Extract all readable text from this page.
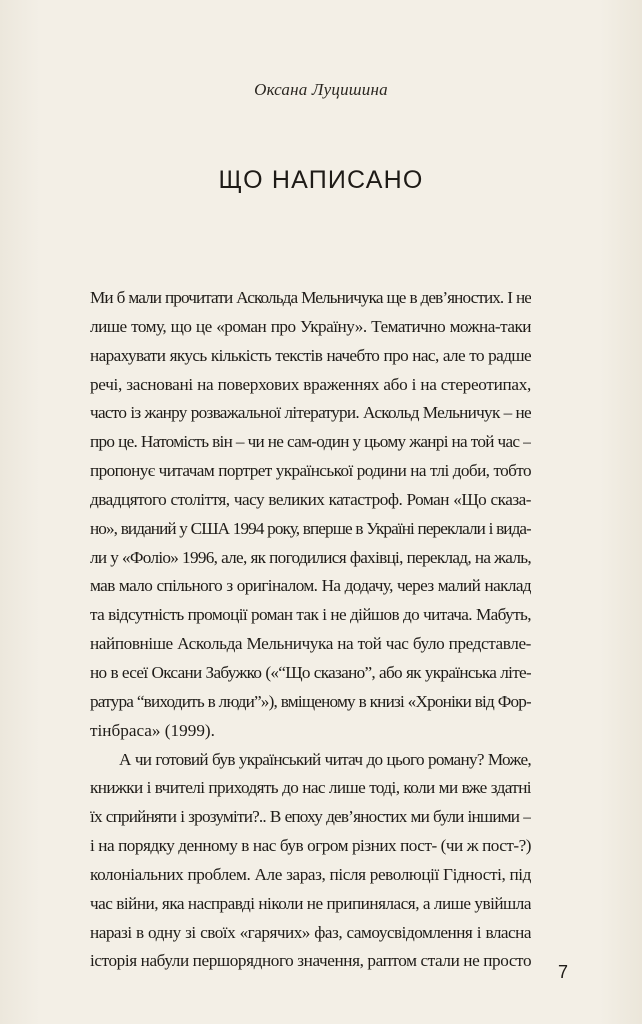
Оксана Луцишина
ЩО НАПИСАНО
Ми б мали прочитати Аскольда Мельничука ще в дев’яностих. І не
лише тому, що це «роман про Україну». Тематично можна-таки
нарахувати якусь кількість текстів начебто про нас, але то радше
речі, засновані на поверхових враженнях або і на стереотипах,
часто із жанру розважальної літератури. Аскольд Мельничук – не
про це. Натомість він – чи не сам-один у цьому жанрі на той час –
пропонує читачам портрет української родини на тлі доби, тобто
двадцятого століття, часу великих катастроф. Роман «Що сказа-
но», виданий у США 1994 року, вперше в Україні переклали і вида-
ли у «Фоліо» 1996, але, як погодилися фахівці, переклад, на жаль,
мав мало спільного з оригіналом. На додачу, через малий наклад
та відсутність промоції роман так і не дійшов до читача. Мабуть,
найповніше Аскольда Мельничука на той час було представле-
но в есеї Оксани Забужко («“Що сказано”, або як українська літе-
ратура “виходить в люди”»), вміщеному в книзі «Хроніки від Фор-
тінбраса» (1999).
А чи готовий був український читач до цього роману? Може,
книжки і вчителі приходять до нас лише тоді, коли ми вже здатні
їх сприйняти і зрозуміти?.. В епоху дев’яностих ми були іншими –
і на порядку денному в нас був огром різних пост- (чи ж пост-?)
колоніальних проблем. Але зараз, після революції Гідності, під
час війни, яка насправді ніколи не припинялася, а лише увійшла
наразі в одну зі своїх «гарячих» фаз, самоусвідомлення і власна
історія набули першорядного значення, раптом стали не просто
7
